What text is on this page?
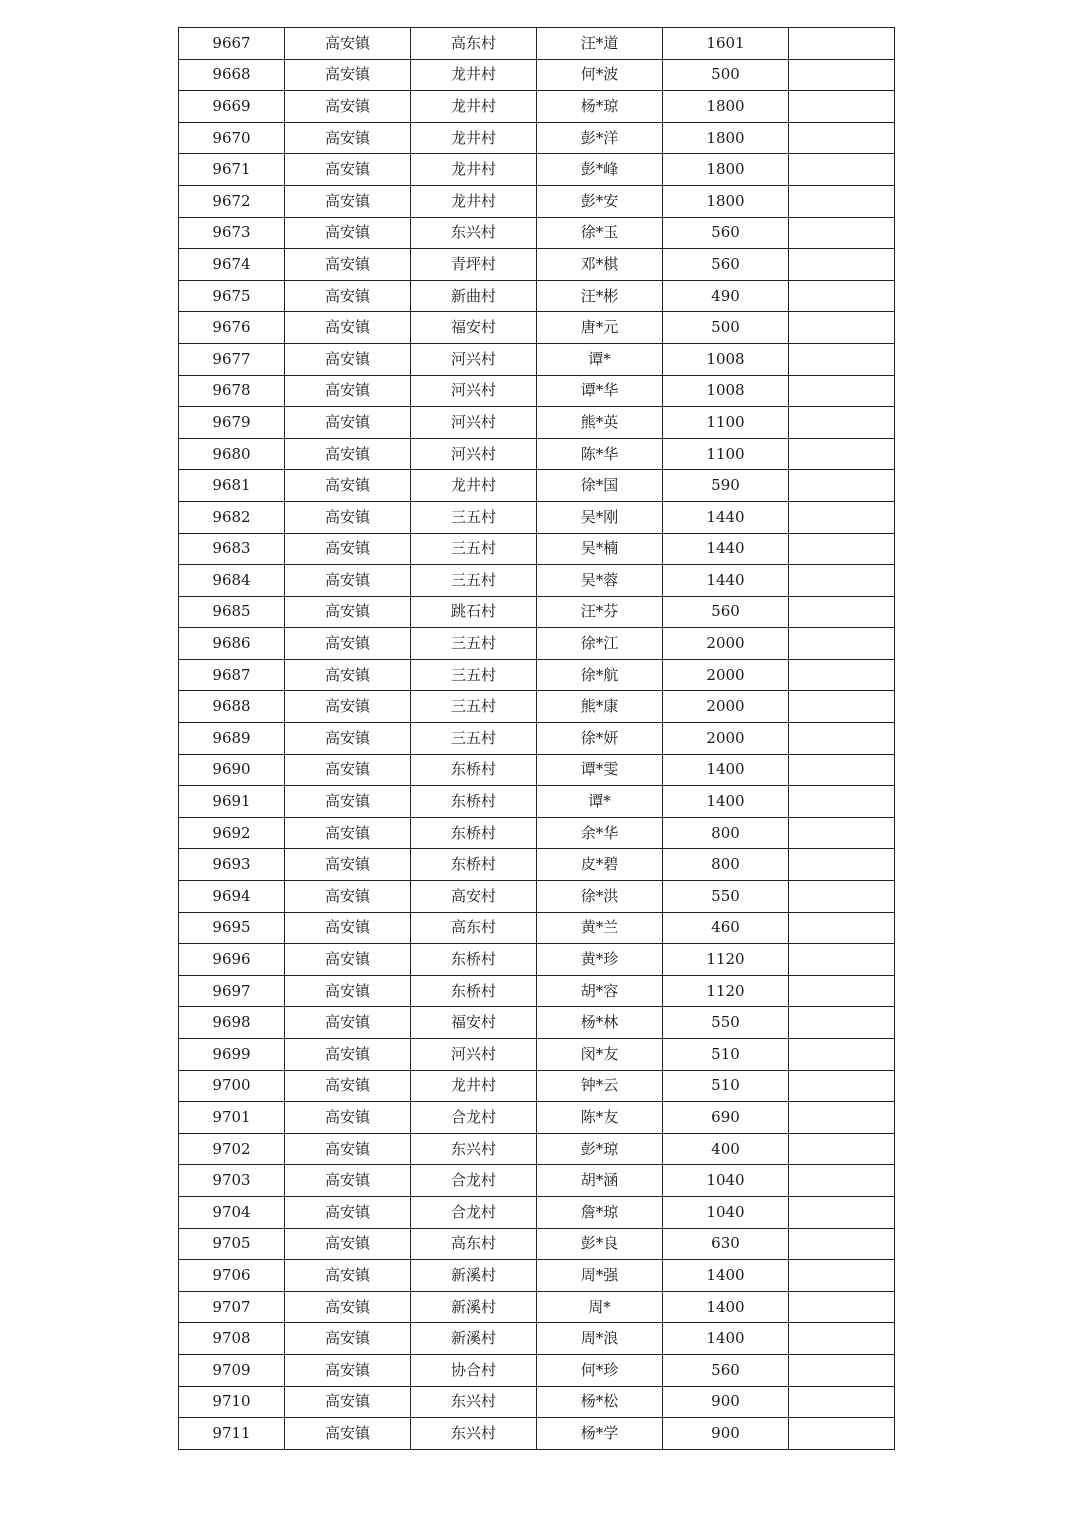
9667	高安镇	高东村	汪*道	1601	
9668	高安镇	龙井村	何*波	500	
9669	高安镇	龙井村	杨*琼	1800	
9670	高安镇	龙井村	彭*洋	1800	
9671	高安镇	龙井村	彭*峰	1800	
9672	高安镇	龙井村	彭*安	1800	
9673	高安镇	东兴村	徐*玉	560	
9674	高安镇	青坪村	邓*棋	560	
9675	高安镇	新曲村	汪*彬	490	
9676	高安镇	福安村	唐*元	500	
9677	高安镇	河兴村	谭*	1008	
9678	高安镇	河兴村	谭*华	1008	
9679	高安镇	河兴村	熊*英	1100	
9680	高安镇	河兴村	陈*华	1100	
9681	高安镇	龙井村	徐*国	590	
9682	高安镇	三五村	吴*刚	1440	
9683	高安镇	三五村	吴*楠	1440	
9684	高安镇	三五村	吴*蓉	1440	
9685	高安镇	跳石村	汪*芬	560	
9686	高安镇	三五村	徐*江	2000	
9687	高安镇	三五村	徐*航	2000	
9688	高安镇	三五村	熊*康	2000	
9689	高安镇	三五村	徐*妍	2000	
9690	高安镇	东桥村	谭*雯	1400	
9691	高安镇	东桥村	谭*	1400	
9692	高安镇	东桥村	余*华	800	
9693	高安镇	东桥村	皮*碧	800	
9694	高安镇	高安村	徐*洪	550	
9695	高安镇	高东村	黄*兰	460	
9696	高安镇	东桥村	黄*珍	1120	
9697	高安镇	东桥村	胡*容	1120	
9698	高安镇	福安村	杨*林	550	
9699	高安镇	河兴村	闵*友	510	
9700	高安镇	龙井村	钟*云	510	
9701	高安镇	合龙村	陈*友	690	
9702	高安镇	东兴村	彭*琼	400	
9703	高安镇	合龙村	胡*涵	1040	
9704	高安镇	合龙村	詹*琼	1040	
9705	高安镇	高东村	彭*良	630	
9706	高安镇	新溪村	周*强	1400	
9707	高安镇	新溪村	周*	1400	
9708	高安镇	新溪村	周*浪	1400	
9709	高安镇	协合村	何*珍	560	
9710	高安镇	东兴村	杨*松	900	
9711	高安镇	东兴村	杨*学	900	
